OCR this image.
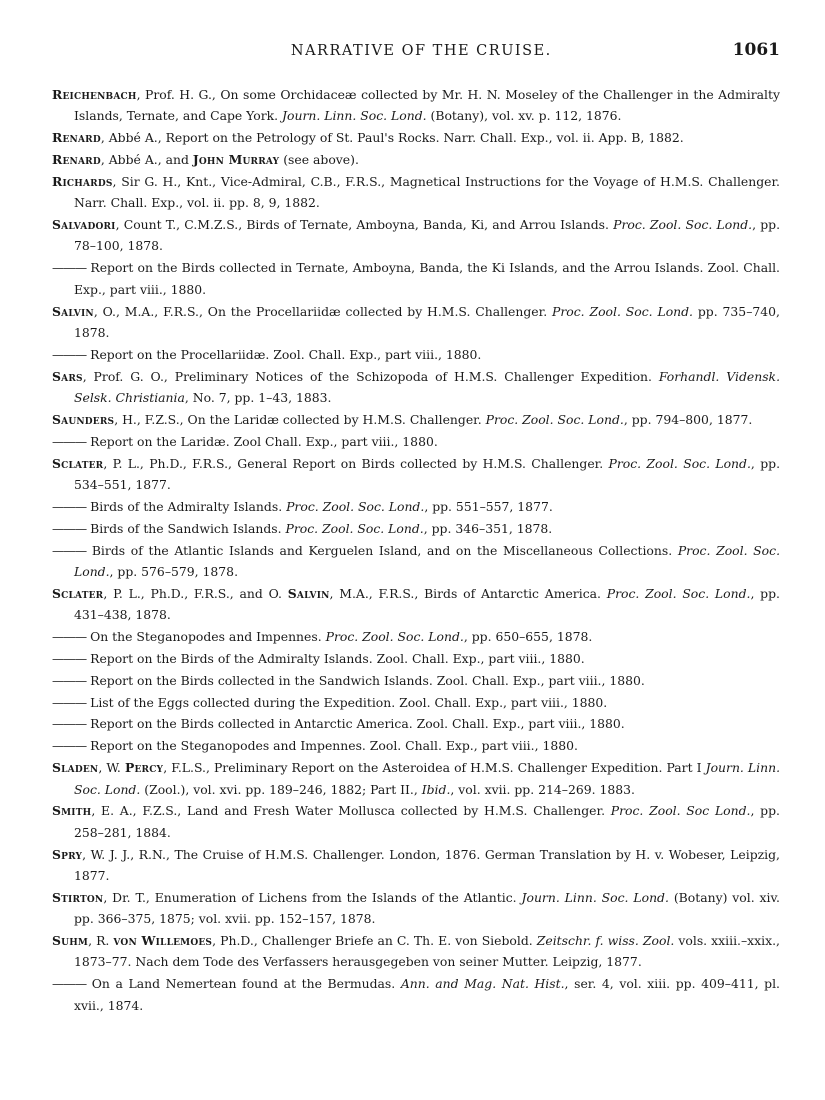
NARRATIVE OF THE CRUISE.	1061

Reichenbach, Prof. H. G., On some Orchidaceæ collected by Mr. H. N. Moseley of the Challenger in the Admiralty Islands, Ternate, and Cape York. Journ. Linn. Soc. Lond. (Botany), vol. xv. p. 112, 1876.

Renard, Abbé A., Report on the Petrology of St. Paul's Rocks. Narr. Chall. Exp., vol. ii. App. B, 1882.

Renard, Abbé A., and John Murray (see above).

Richards, Sir G. H., Knt., Vice-Admiral, C.B., F.R.S., Magnetical Instructions for the Voyage of H.M.S. Challenger. Narr. Chall. Exp., vol. ii. pp. 8, 9, 1882.

Salvadori, Count T., C.M.Z.S., Birds of Ternate, Amboyna, Banda, Ki, and Arrou Islands. Proc. Zool. Soc. Lond., pp. 78–100, 1878.

——— Report on the Birds collected in Ternate, Amboyna, Banda, the Ki Islands, and the Arrou Islands. Zool. Chall. Exp., part viii., 1880.

Salvin, O., M.A., F.R.S., On the Procellariidæ collected by H.M.S. Challenger. Proc. Zool. Soc. Lond. pp. 735–740, 1878.

——— Report on the Procellariidæ. Zool. Chall. Exp., part viii., 1880.

Sars, Prof. G. O., Preliminary Notices of the Schizopoda of H.M.S. Challenger Expedition. Forhandl. Vidensk. Selsk. Christiania, No. 7, pp. 1–43, 1883.

Saunders, H., F.Z.S., On the Laridæ collected by H.M.S. Challenger. Proc. Zool. Soc. Lond., pp. 794–800, 1877.

——— Report on the Laridæ. Zool Chall. Exp., part viii., 1880.

Sclater, P. L., Ph.D., F.R.S., General Report on Birds collected by H.M.S. Challenger. Proc. Zool. Soc. Lond., pp. 534–551, 1877.

——— Birds of the Admiralty Islands. Proc. Zool. Soc. Lond., pp. 551–557, 1877.

——— Birds of the Sandwich Islands. Proc. Zool. Soc. Lond., pp. 346–351, 1878.

——— Birds of the Atlantic Islands and Kerguelen Island, and on the Miscellaneous Collections. Proc. Zool. Soc. Lond., pp. 576–579, 1878.

Sclater, P. L., Ph.D., F.R.S., and O. Salvin, M.A., F.R.S., Birds of Antarctic America. Proc. Zool. Soc. Lond., pp. 431–438, 1878.

——— On the Steganopodes and Impennes. Proc. Zool. Soc. Lond., pp. 650–655, 1878.

——— Report on the Birds of the Admiralty Islands. Zool. Chall. Exp., part viii., 1880.

——— Report on the Birds collected in the Sandwich Islands. Zool. Chall. Exp., part viii., 1880.

——— List of the Eggs collected during the Expedition. Zool. Chall. Exp., part viii., 1880.

——— Report on the Birds collected in Antarctic America. Zool. Chall. Exp., part viii., 1880.

——— Report on the Steganopodes and Impennes. Zool. Chall. Exp., part viii., 1880.

Sladen, W. Percy, F.L.S., Preliminary Report on the Asteroidea of H.M.S. Challenger Expedition. Part I Journ. Linn. Soc. Lond. (Zool.), vol. xvi. pp. 189–246, 1882; Part II., Ibid., vol. xvii. pp. 214–269. 1883.

Smith, E. A., F.Z.S., Land and Fresh Water Mollusca collected by H.M.S. Challenger. Proc. Zool. Soc Lond., pp. 258–281, 1884.

Spry, W. J. J., R.N., The Cruise of H.M.S. Challenger. London, 1876. German Translation by H. v. Wobeser, Leipzig, 1877.

Stirton, Dr. T., Enumeration of Lichens from the Islands of the Atlantic. Journ. Linn. Soc. Lond. (Botany) vol. xiv. pp. 366–375, 1875; vol. xvii. pp. 152–157, 1878.

Suhm, R. von Willemoes, Ph.D., Challenger Briefe an C. Th. E. von Siebold. Zeitschr. f. wiss. Zool. vols. xxiii.–xxix., 1873–77. Nach dem Tode des Verfassers herausgegeben von seiner Mutter. Leipzig, 1877.

——— On a Land Nemertean found at the Bermudas. Ann. and Mag. Nat. Hist., ser. 4, vol. xiii. pp. 409–411, pl. xvii., 1874.
